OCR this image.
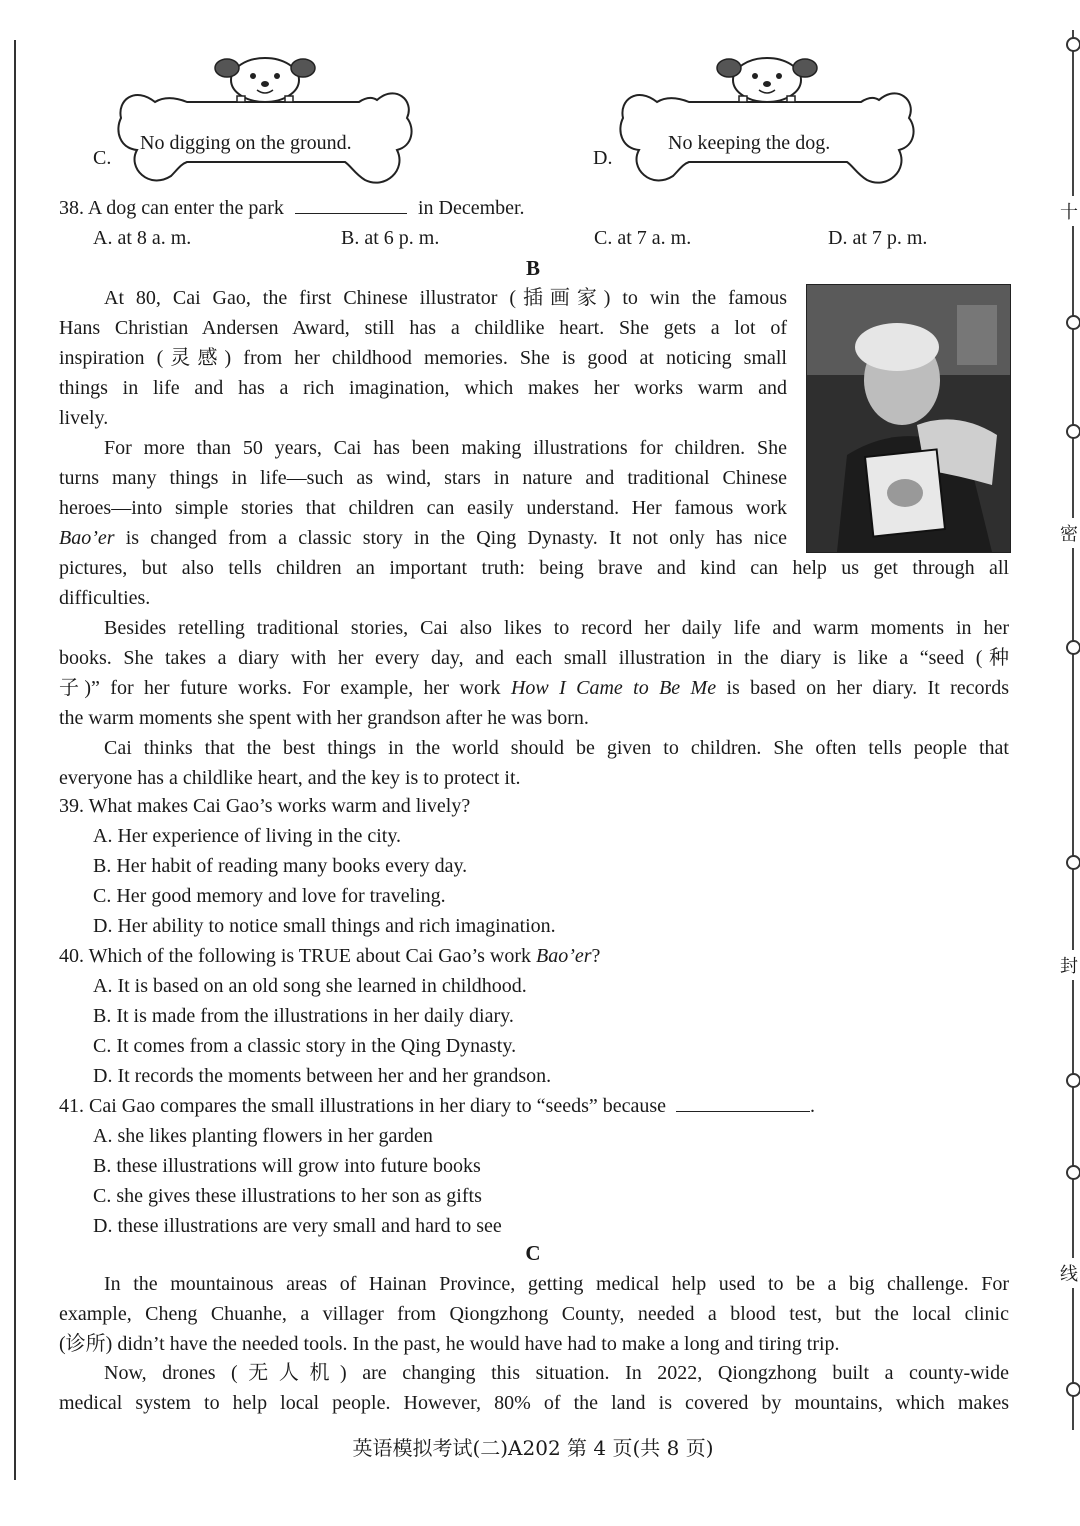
十
密
封
线
C.
No digging on the ground.
D.
No keeping the dog.
38. A dog can enter the park	in December.
A. at 8 a. m.	B. at 6 p. m.	C. at 7 a. m.	D. at 7 p. m.
B
At 80, Cai Gao, the first Chinese illustrator (插画家) to win the famous
Hans Christian Andersen Award, still has a childlike heart. She gets a lot of
inspiration (灵感) from her childhood memories. She is good at noticing small
things in life and has a rich imagination, which makes her works warm and
lively.
For more than 50 years, Cai has been making illustrations for children. She
turns many things in life—such as wind, stars in nature and traditional Chinese
heroes—into simple stories that children can easily understand. Her famous work
Bao’er is changed from a classic story in the Qing Dynasty. It not only has nice
pictures, but also tells children an important truth: being brave and kind can help us get through all
difficulties.
Besides retelling traditional stories, Cai also likes to record her daily life and warm moments in her
books. She takes a diary with her every day, and each small illustration in the diary is like a “seed (种
子)” for her future works. For example, her work How I Came to Be Me is based on her diary. It records
the warm moments she spent with her grandson after he was born.
Cai thinks that the best things in the world should be given to children. She often tells people that
everyone has a childlike heart, and the key is to protect it.
39. What makes Cai Gao’s works warm and lively?
A. Her experience of living in the city.
B. Her habit of reading many books every day.
C. Her good memory and love for traveling.
D. Her ability to notice small things and rich imagination.
40. Which of the following is TRUE about Cai Gao’s work Bao’er?
A. It is based on an old song she learned in childhood.
B. It is made from the illustrations in her daily diary.
C. It comes from a classic story in the Qing Dynasty.
D. It records the moments between her and her grandson.
41. Cai Gao compares the small illustrations in her diary to “seeds” because	.
A. she likes planting flowers in her garden
B. these illustrations will grow into future books
C. she gives these illustrations to her son as gifts
D. these illustrations are very small and hard to see
C
In the mountainous areas of Hainan Province, getting medical help used to be a big challenge. For
example, Cheng Chuanhe, a villager from Qiongzhong County, needed a blood test, but the local clinic
(诊所) didn’t have the needed tools. In the past, he would have had to make a long and tiring trip.
Now, drones (无人机) are changing this situation. In 2022, Qiongzhong built a county-wide
medical system to help local people. However, 80% of the land is covered by mountains, which makes
英语模拟考试(二)A202 第 4 页(共 8 页)
